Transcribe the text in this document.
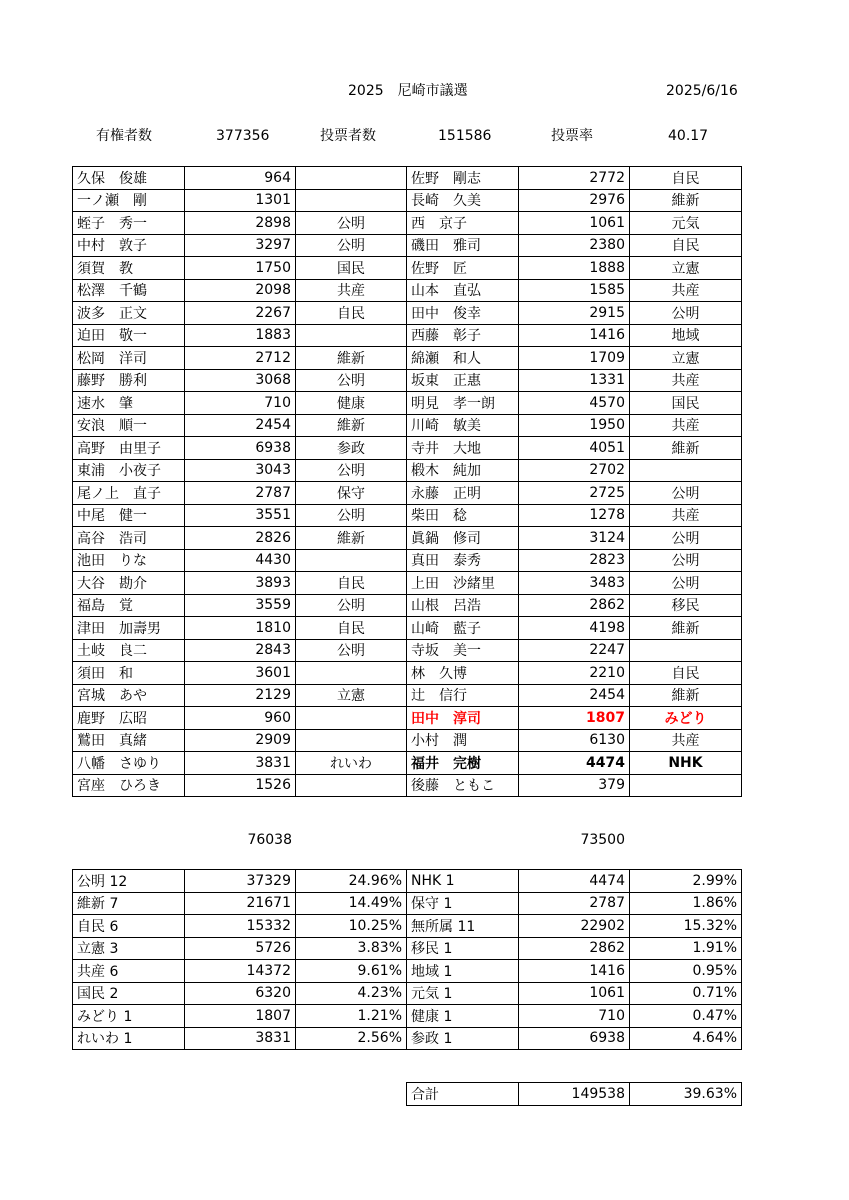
2025　尼崎市議選	2025/6/16
有権者数	377356	投票者数	151586	投票率	40.17
久保　俊雄	964		佐野　剛志	2772	自民
一ノ瀬　剛	1301		長崎　久美	2976	維新
蛭子　秀一	2898	公明	西　京子	1061	元気
中村　敦子	3297	公明	磯田　雅司	2380	自民
須賀　教	1750	国民	佐野　匠	1888	立憲
松澤　千鶴	2098	共産	山本　直弘	1585	共産
波多　正文	2267	自民	田中　俊幸	2915	公明
迫田　敬一	1883		西藤　彰子	1416	地域
松岡　洋司	2712	維新	綿瀬　和人	1709	立憲
藤野　勝利	3068	公明	坂東　正惠	1331	共産
速水　肇	710	健康	明見　孝一朗	4570	国民
安浪　順一	2454	維新	川崎　敏美	1950	共産
高野　由里子	6938	参政	寺井　大地	4051	維新
東浦　小夜子	3043	公明	椴木　純加	2702	
尾ノ上　直子	2787	保守	永藤　正明	2725	公明
中尾　健一	3551	公明	柴田　稔	1278	共産
高谷　浩司	2826	維新	眞鍋　修司	3124	公明
池田　りな	4430		真田　泰秀	2823	公明
大谷　勘介	3893	自民	上田　沙緒里	3483	公明
福島　覚	3559	公明	山根　呂浩	2862	移民
津田　加壽男	1810	自民	山崎　藍子	4198	維新
土岐　良二	2843	公明	寺坂　美一	2247	
須田　和	3601		林　久博	2210	自民
宮城　あや	2129	立憲	辻　信行	2454	維新
鹿野　広昭	960		田中　淳司	1807	みどり
鷲田　真緒	2909		小村　潤	6130	共産
八幡　さゆり	3831	れいわ	福井　完樹	4474	NHK
宮座　ひろき	1526		後藤　ともこ	379	
76038	73500
公明 12	37329	24.96%	NHK 1	4474	2.99%
維新 7	21671	14.49%	保守 1	2787	1.86%
自民 6	15332	10.25%	無所属 11	22902	15.32%
立憲 3	5726	3.83%	移民 1	2862	1.91%
共産 6	14372	9.61%	地域 1	1416	0.95%
国民 2	6320	4.23%	元気 1	1061	0.71%
みどり 1	1807	1.21%	健康 1	710	0.47%
れいわ 1	3831	2.56%	参政 1	6938	4.64%
合計	149538	39.63%
